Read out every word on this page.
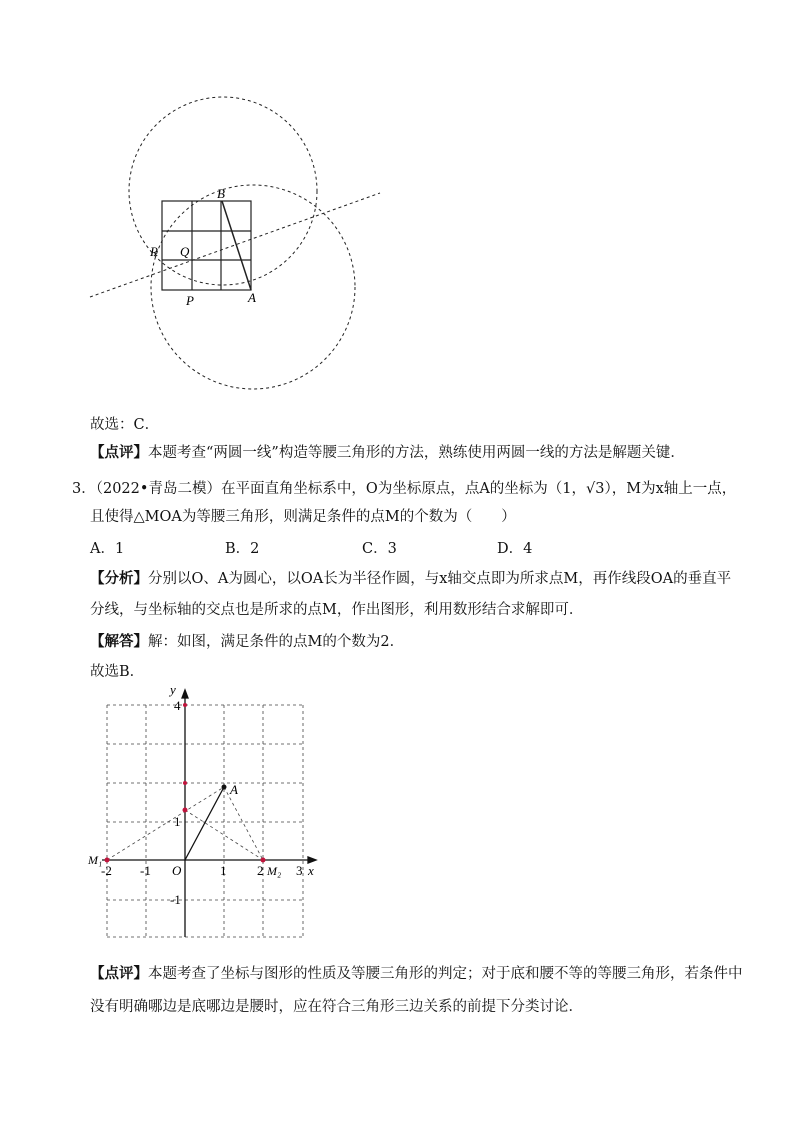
B
R Q
P	A
故选：C．
【点评】本题考查“两圆一线”构造等腰三角形的方法，熟练使用两圆一线的方法是解题关键．
3．（2022•青岛二模）在平面直角坐标系中，O为坐标原点，点A的坐标为（1，√3），M为x轴上一点，
且使得△MOA为等腰三角形，则满足条件的点M的个数为（　　）
A．1	B．2	C．3	D．4
【分析】分别以O、A为圆心，以OA长为半径作圆，与x轴交点即为所求点M，再作线段OA的垂直平
分线，与坐标轴的交点也是所求的点M，作出图形，利用数形结合求解即可．
【解答】解：如图，满足条件的点M的个数为2．
故选B．
y
x
O
A
M₁
M₂
-2 -1	1 2	3
4
1
-1
【点评】本题考查了坐标与图形的性质及等腰三角形的判定；对于底和腰不等的等腰三角形，若条件中
没有明确哪边是底哪边是腰时，应在符合三角形三边关系的前提下分类讨论．
